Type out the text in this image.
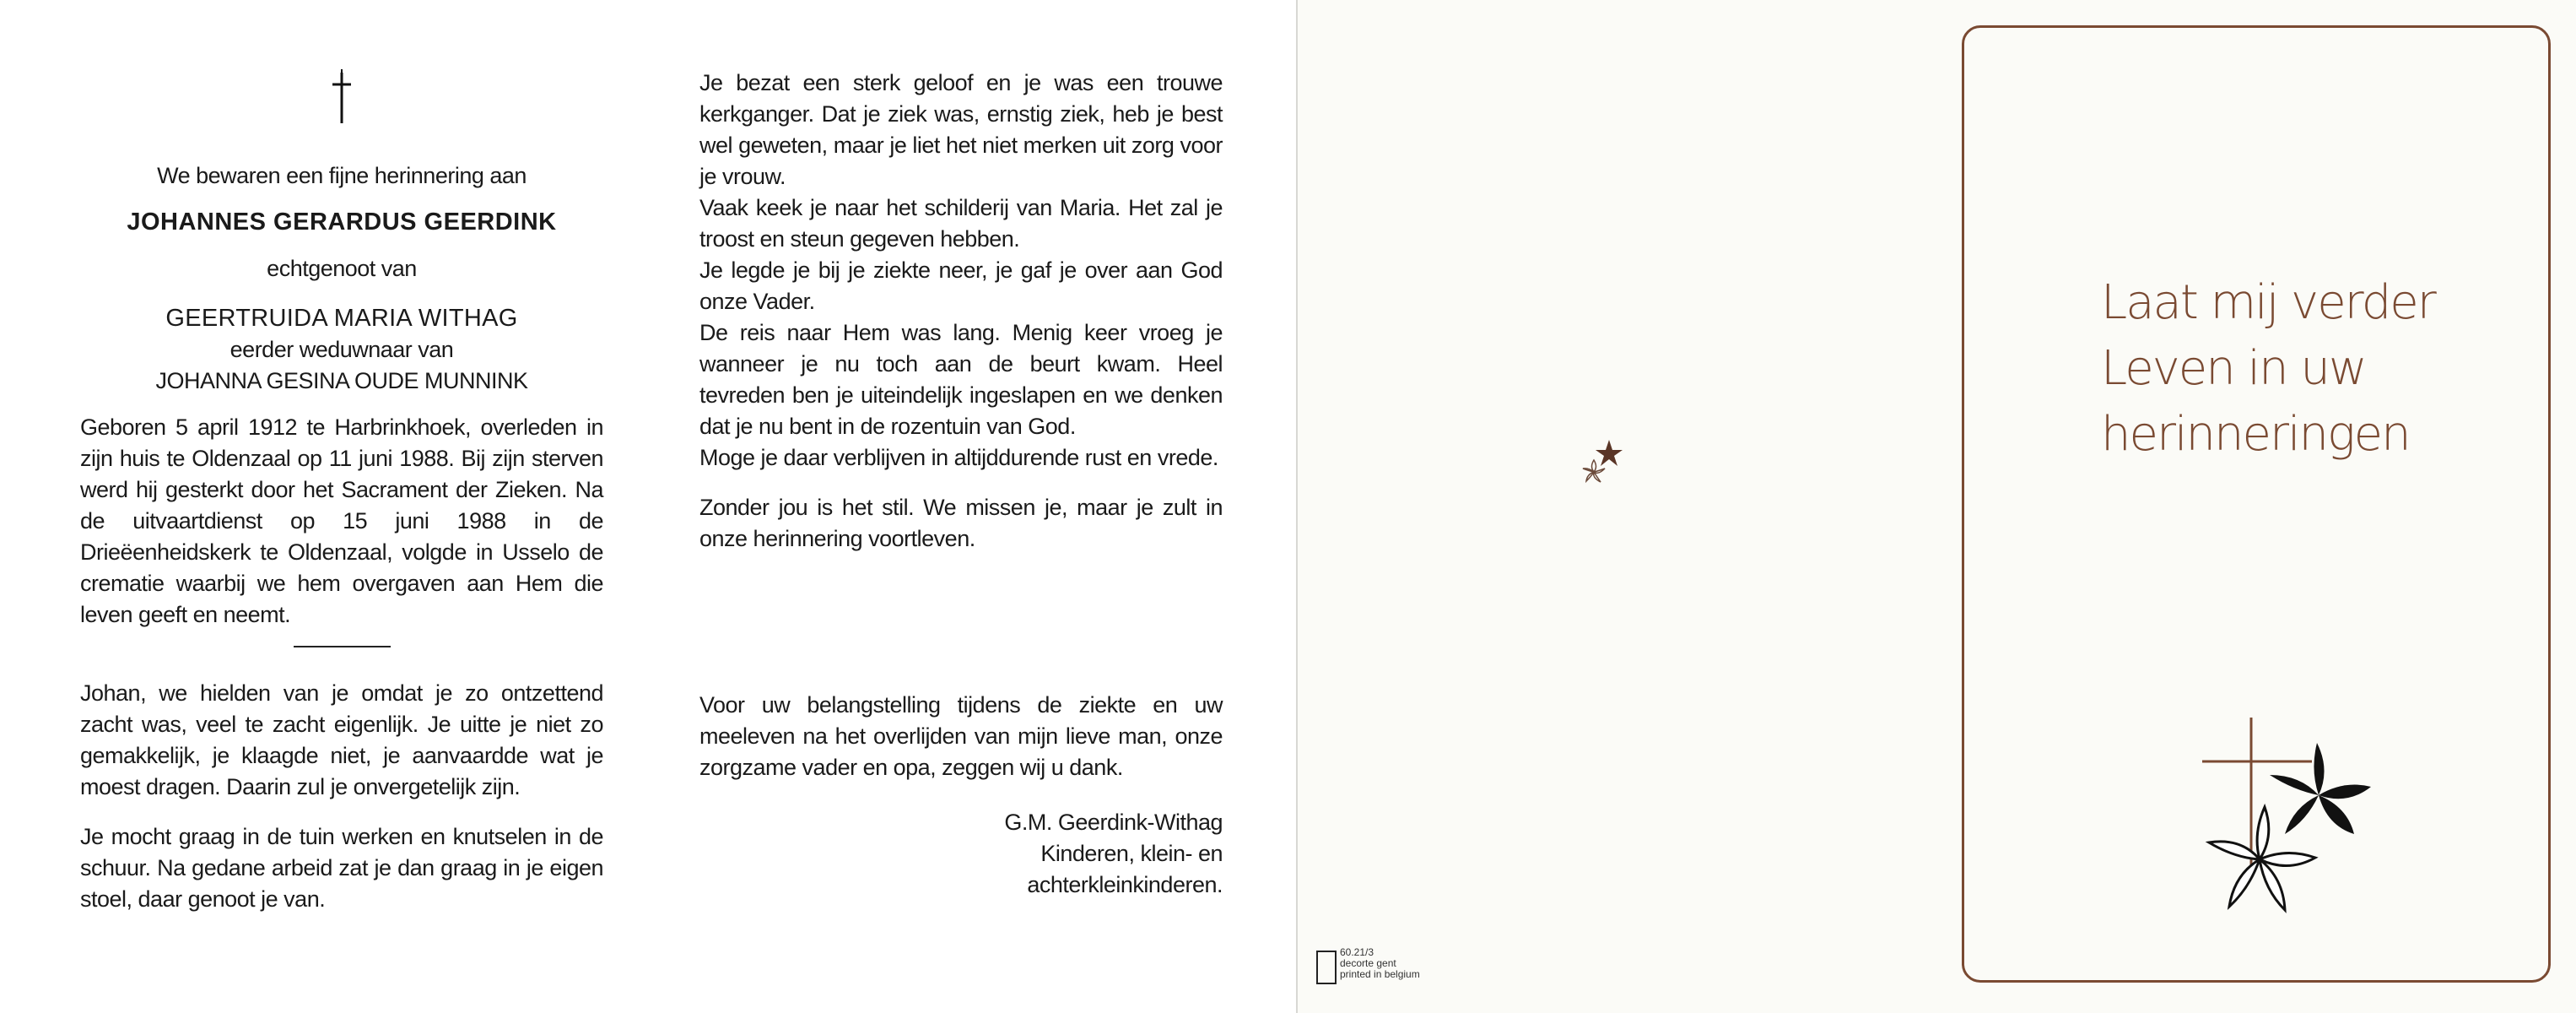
We bewaren een fijne herinnering aan

JOHANNES GERARDUS GEERDINK

echtgenoot van

GEERTRUIDA MARIA WITHAG

eerder weduwnaar van

JOHANNA GESINA OUDE MUNNINK

Geboren 5 april 1912 te Harbrinkhoek, overleden in zijn huis te Oldenzaal op 11 juni 1988. Bij zijn sterven werd hij gesterkt door het Sacrament der Zieken. Na de uitvaartdienst op 15 juni 1988 in de Drieëenheidskerk te Oldenzaal, volgde in Usselo de crematie waarbij we hem overgaven aan Hem die leven geeft en neemt.

Johan, we hielden van je omdat je zo ontzettend zacht was, veel te zacht eigenlijk. Je uitte je niet zo gemakkelijk, je klaagde niet, je aanvaardde wat je moest dragen. Daarin zul je onvergetelijk zijn.

Je mocht graag in de tuin werken en knutselen in de schuur. Na gedane arbeid zat je dan graag in je eigen stoel, daar genoot je van.

Je bezat een sterk geloof en je was een trouwe kerkganger. Dat je ziek was, ernstig ziek, heb je best wel geweten, maar je liet het niet merken uit zorg voor je vrouw.

Vaak keek je naar het schilderij van Maria. Het zal je troost en steun gegeven hebben.

Je legde je bij je ziekte neer, je gaf je over aan God onze Vader.

De reis naar Hem was lang. Menig keer vroeg je wanneer je nu toch aan de beurt kwam. Heel tevreden ben je uiteindelijk ingeslapen en we denken dat je nu bent in de rozentuin van God.

Moge je daar verblijven in altijddurende rust en vrede.

Zonder jou is het stil. We missen je, maar je zult in onze herinnering voortleven.

Voor uw belangstelling tijdens de ziekte en uw meeleven na het overlijden van mijn lieve man, onze zorgzame vader en opa, zeggen wij u dank.

G.M. Geerdink-Withag
Kinderen, klein- en
achterkleinkinderen.
60.21/3
decorte gent
printed in belgium
Laat mij verder
Leven in uw
herinneringen
